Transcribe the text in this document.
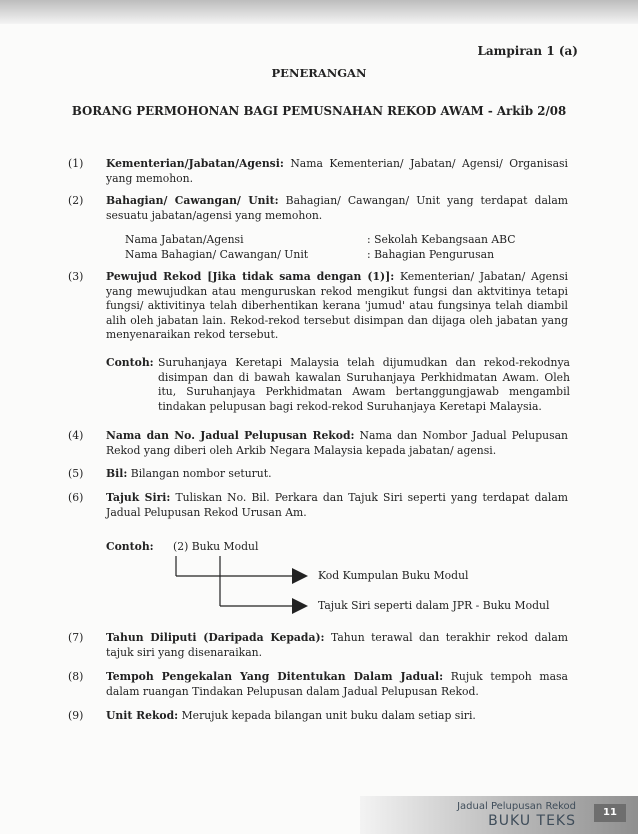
Lampiran 1 (a)
PENERANGAN
BORANG PERMOHONAN BAGI PEMUSNAHAN REKOD AWAM - Arkib 2/08
(1)	Kementerian/Jabatan/Agensi: Nama Kementerian/ Jabatan/ Agensi/ Organisasi yang memohon.
(2)	Bahagian/ Cawangan/ Unit: Bahagian/ Cawangan/ Unit yang terdapat dalam sesuatu jabatan/agensi yang memohon.
Nama Jabatan/Agensi	: Sekolah Kebangsaan ABC
Nama Bahagian/ Cawangan/ Unit	: Bahagian Pengurusan
(3)	Pewujud Rekod [Jika tidak sama dengan (1)]: Kementerian/ Jabatan/ Agensi yang mewujudkan atau menguruskan rekod mengikut fungsi dan aktvitinya tetapi fungsi/ aktivitinya telah diberhentikan kerana 'jumud' atau fungsinya telah diambil alih oleh jabatan lain. Rekod-rekod tersebut disimpan dan dijaga oleh jabatan yang menyenaraikan rekod tersebut.
Contoh: Suruhanjaya Keretapi Malaysia telah dijumudkan dan rekod-rekodnya disimpan dan di bawah kawalan Suruhanjaya Perkhidmatan Awam. Oleh itu, Suruhanjaya Perkhidmatan Awam bertanggungjawab mengambil tindakan pelupusan bagi rekod-rekod Suruhanjaya Keretapi Malaysia.
(4)	Nama dan No. Jadual Pelupusan Rekod: Nama dan Nombor Jadual Pelupusan Rekod yang diberi oleh Arkib Negara Malaysia kepada jabatan/ agensi.
(5)	Bil: Bilangan nombor seturut.
(6)	Tajuk Siri: Tuliskan No. Bil. Perkara dan Tajuk Siri seperti yang terdapat dalam Jadual Pelupusan Rekod Urusan Am.
Contoh: (2) Buku Modul
Kod Kumpulan Buku Modul
Tajuk Siri seperti dalam JPR - Buku Modul
(7)	Tahun Diliputi (Daripada Kepada): Tahun terawal dan terakhir rekod dalam tajuk siri yang disenaraikan.
(8)	Tempoh Pengekalan Yang Ditentukan Dalam Jadual: Rujuk tempoh masa dalam ruangan Tindakan Pelupusan dalam Jadual Pelupusan Rekod.
(9)	Unit Rekod: Merujuk kepada bilangan unit buku dalam setiap siri.
Jadual Pelupusan Rekod
BUKU TEKS
11
